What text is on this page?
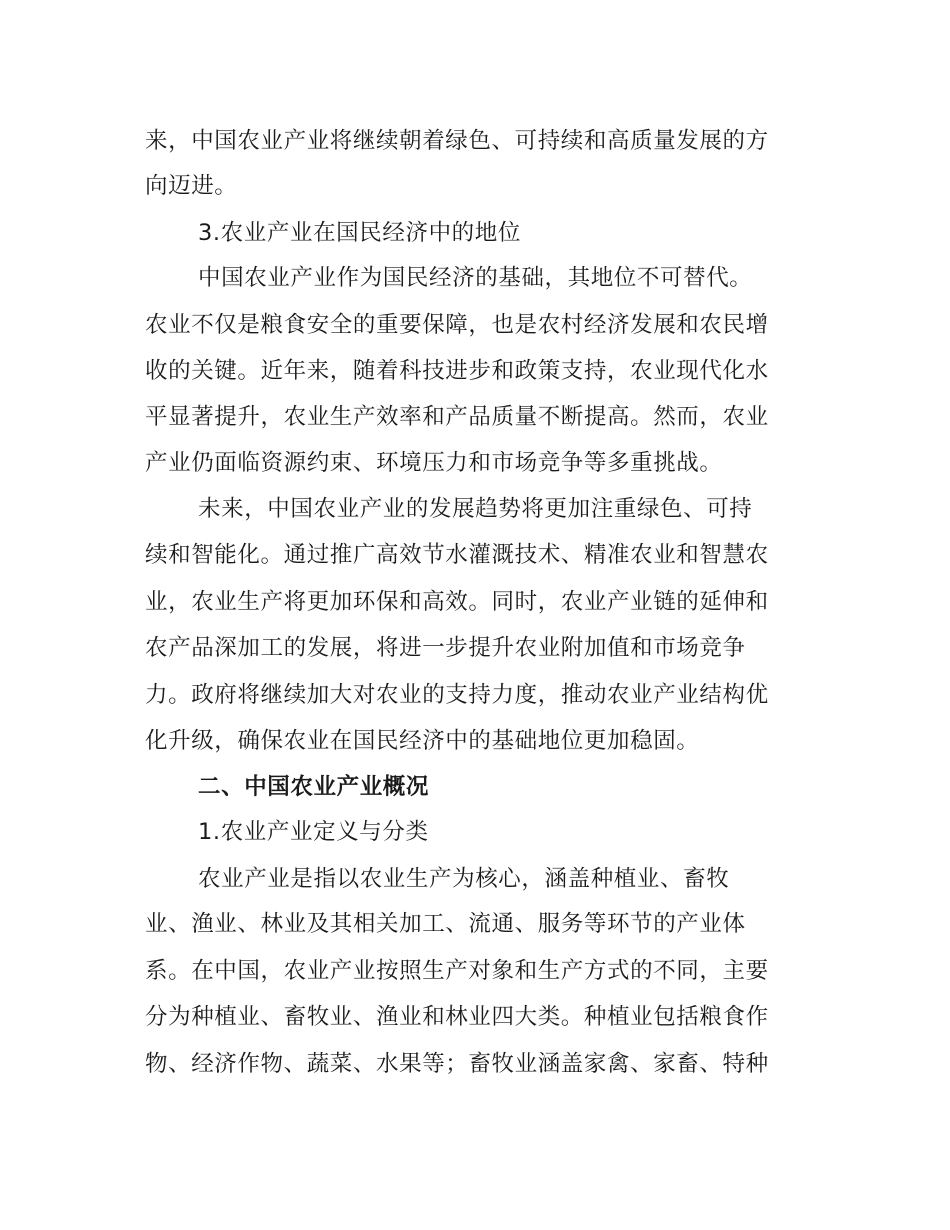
来，中国农业产业将继续朝着绿色、可持续和高质量发展的方
向迈进。
3.农业产业在国民经济中的地位
中国农业产业作为国民经济的基础，其地位不可替代。
农业不仅是粮食安全的重要保障，也是农村经济发展和农民增
收的关键。近年来，随着科技进步和政策支持，农业现代化水
平显著提升，农业生产效率和产品质量不断提高。然而，农业
产业仍面临资源约束、环境压力和市场竞争等多重挑战。
未来，中国农业产业的发展趋势将更加注重绿色、可持
续和智能化。通过推广高效节水灌溉技术、精准农业和智慧农
业，农业生产将更加环保和高效。同时，农业产业链的延伸和
农产品深加工的发展，将进一步提升农业附加值和市场竞争
力。政府将继续加大对农业的支持力度，推动农业产业结构优
化升级，确保农业在国民经济中的基础地位更加稳固。
二、中国农业产业概况
1.农业产业定义与分类
农业产业是指以农业生产为核心，涵盖种植业、畜牧
业、渔业、林业及其相关加工、流通、服务等环节的产业体
系。在中国，农业产业按照生产对象和生产方式的不同，主要
分为种植业、畜牧业、渔业和林业四大类。种植业包括粮食作
物、经济作物、蔬菜、水果等；畜牧业涵盖家禽、家畜、特种
